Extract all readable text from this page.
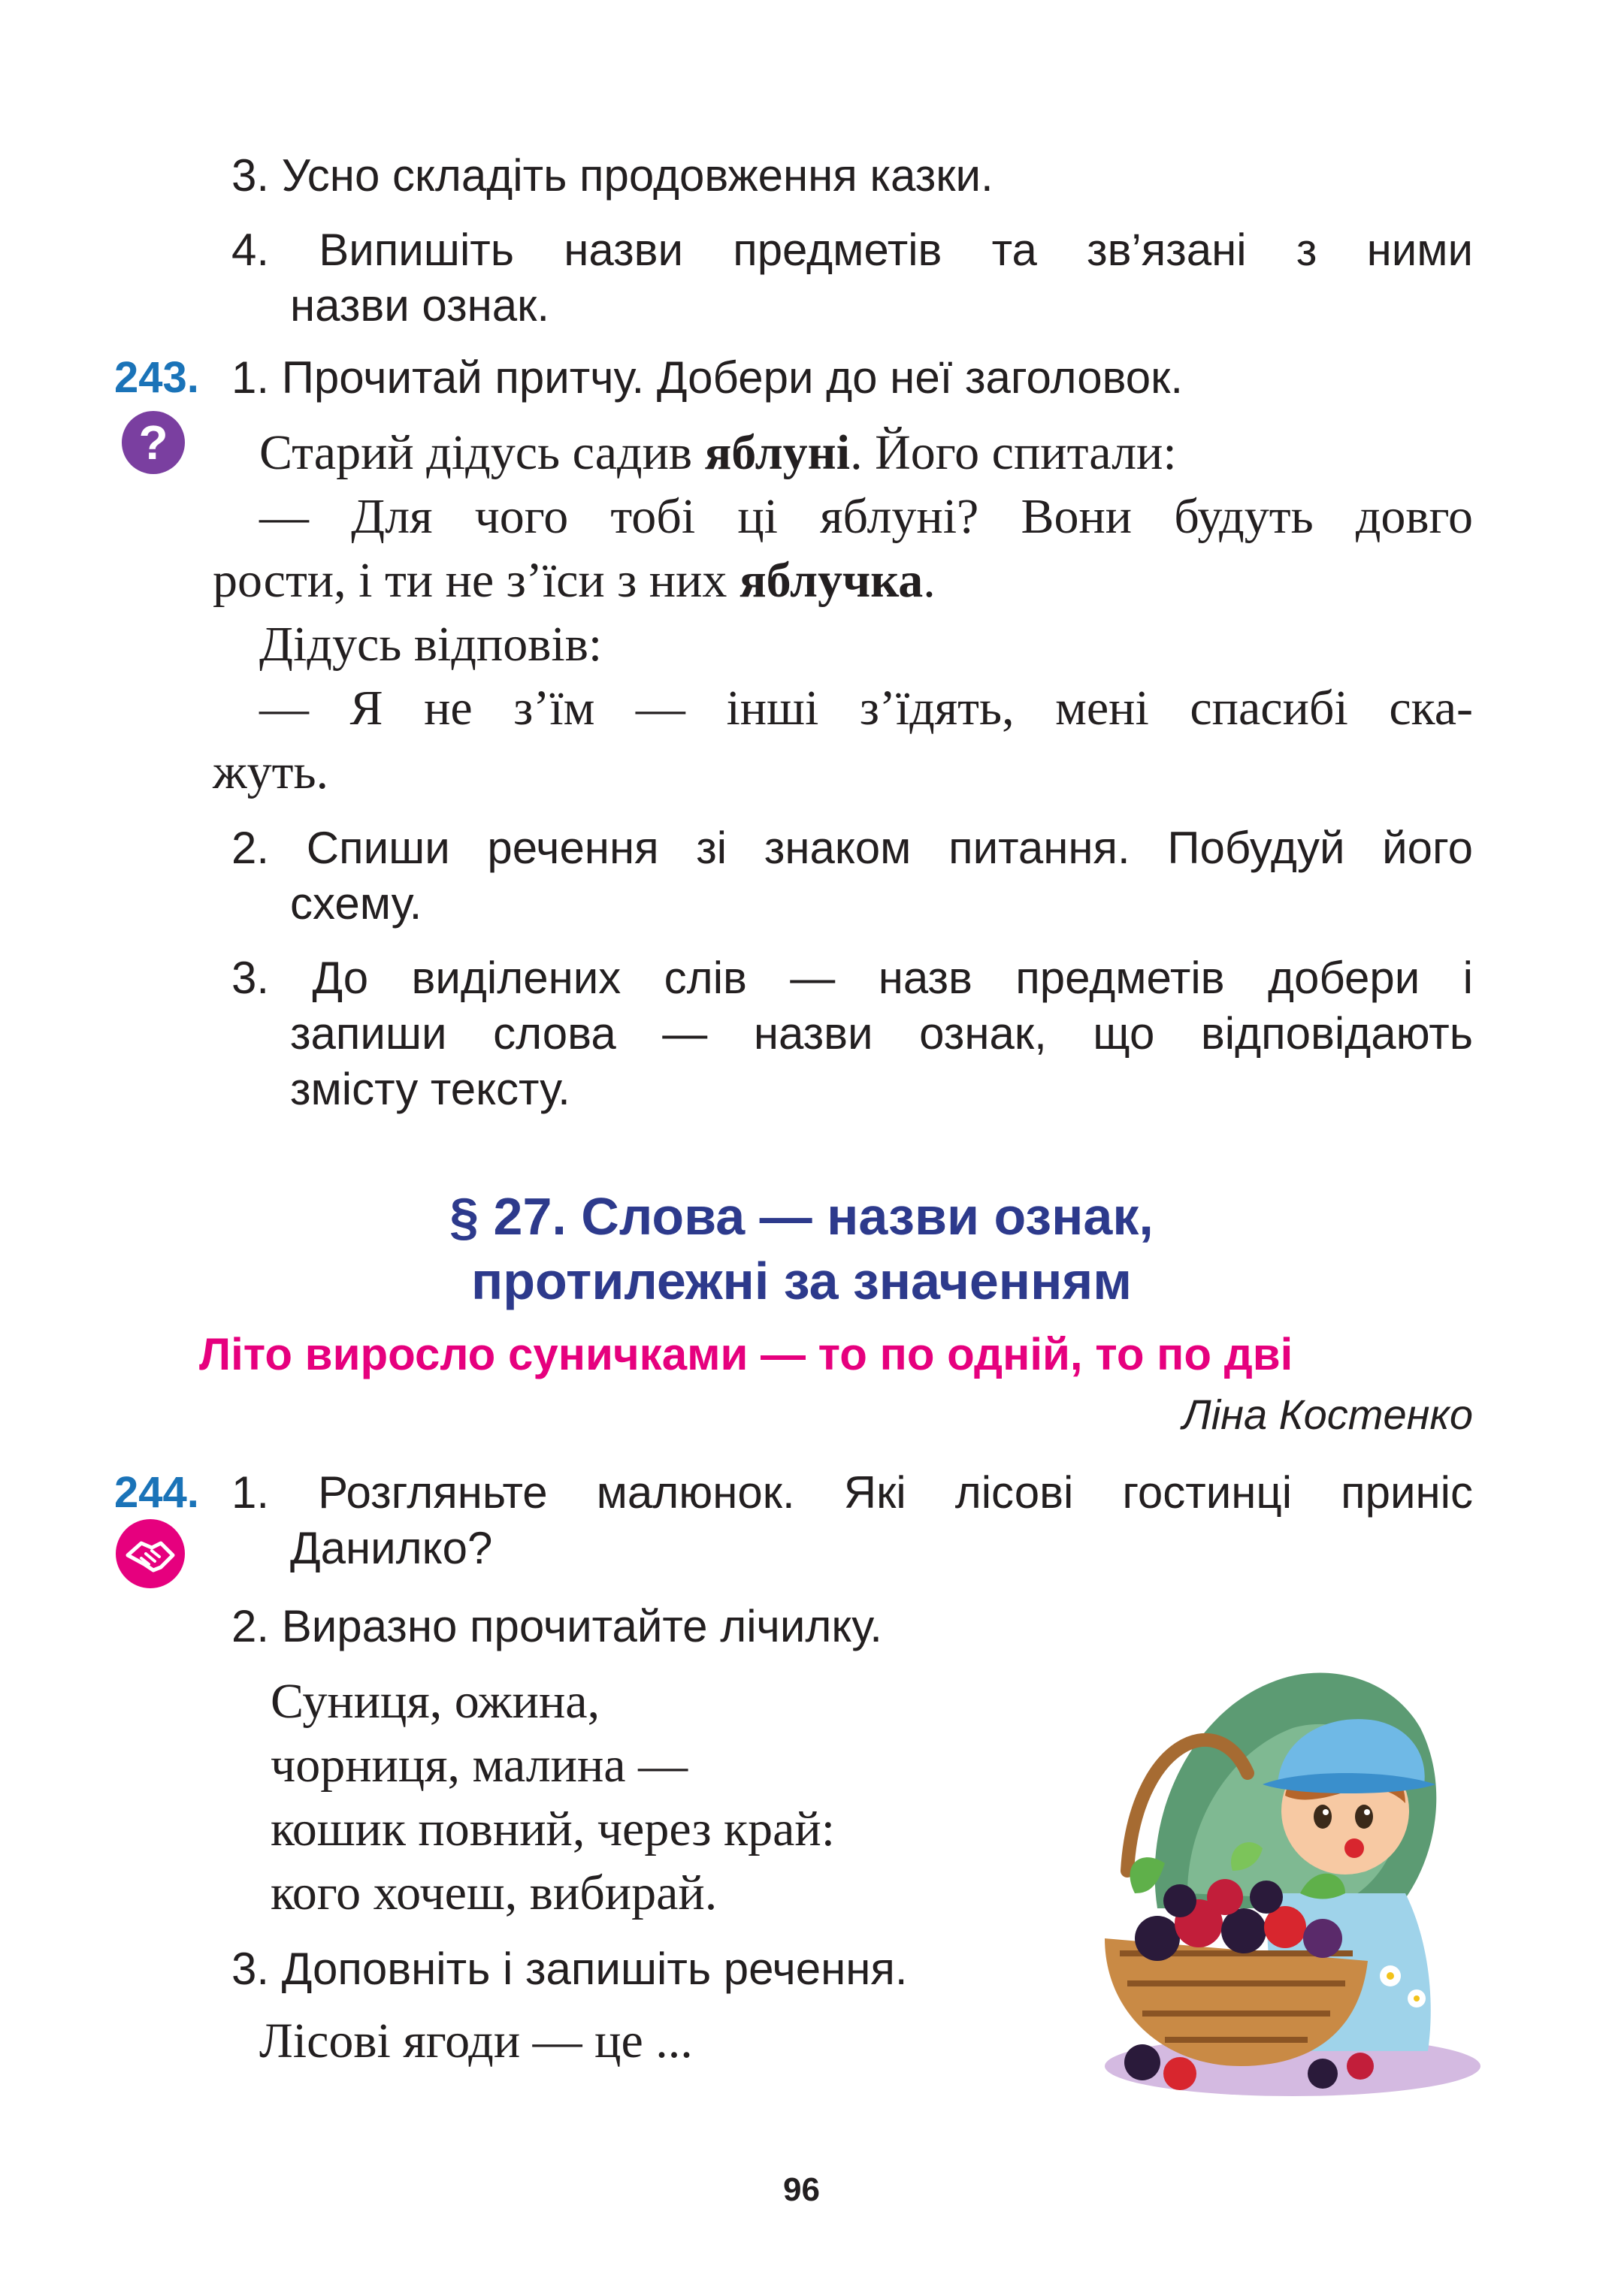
3. Усно складіть продовження казки.
4. Випишіть назви предметів та зв’язані з ними
назви ознак.
243. 1. Прочитай притчу. Добери до неї заголовок.
? Старий дідусь садив яблуні. Його спитали:
— Для чого тобі ці яблуні? Вони будуть довго
рости, і ти не з’їси з них яблучка.
Дідусь відповів:
— Я не з’їм — інші з’їдять, мені спасибі ска-
жуть.
2. Спиши речення зі знаком питання. Побудуй його
схему.
3. До виділених слів — назв предметів добери і
запиши слова — назви ознак, що відповідають
змісту тексту.
§ 27. Слова — назви ознак,
протилежні за значенням
Літо виросло суничками — то по одній, то по дві
Ліна Костенко
244. 1. Розгляньте малюнок. Які лісові гостинці приніс
Данилко?
2. Виразно прочитайте лічилку.
Суниця, ожина,
чорниця, малина —
кошик повний, через край:
кого хочеш, вибирай.
3. Доповніть і запишіть речення.
Лісові ягоди — це ...
96
